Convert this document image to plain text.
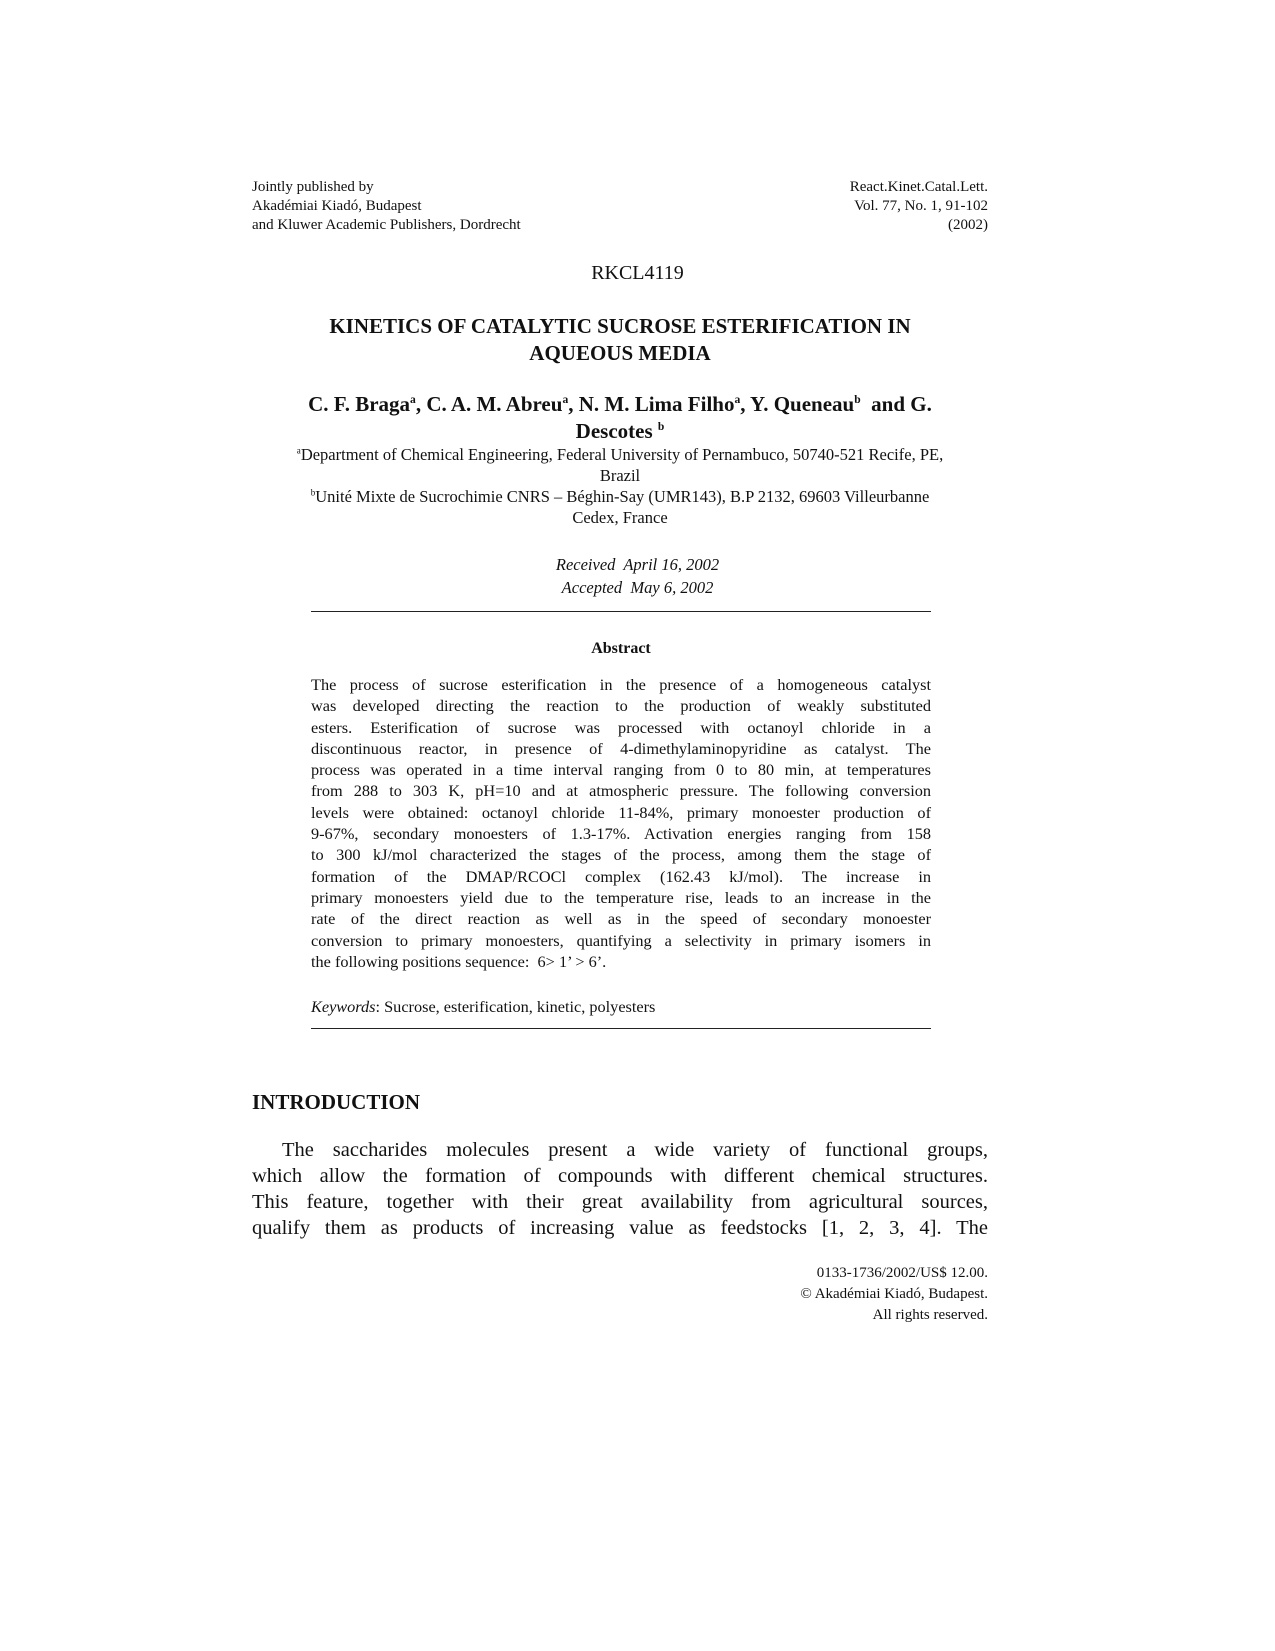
Jointly published by
Akadémiai Kiadó, Budapest
and Kluwer Academic Publishers, Dordrecht
React.Kinet.Catal.Lett.
Vol. 77, No. 1, 91-102
(2002)
RKCL4119
KINETICS OF CATALYTIC SUCROSE ESTERIFICATION IN
AQUEOUS MEDIA
C. F. Braga$^a$, C. A. M. Abreu$^a$, N. M. Lima Filho$^a$, Y. Queneau$^b$  and G.
Descotes $^b$
$^a$Department of Chemical Engineering, Federal University of Pernambuco, 50740-521 Recife, PE,
Brazil
$^b$Unité Mixte de Sucrochimie CNRS – Béghin-Say (UMR143), B.P 2132, 69603 Villeurbanne
Cedex, France
Received  April 16, 2002
Accepted  May 6, 2002
Abstract
The process of sucrose esterification in the presence of a homogeneous catalyst
was developed directing the reaction to the production of weakly substituted
esters. Esterification of sucrose was processed with octanoyl chloride in a
discontinuous reactor, in presence of 4-dimethylaminopyridine as catalyst. The
process was operated in a time interval ranging from 0 to 80 min, at temperatures
from 288 to 303 K, pH=10 and at atmospheric pressure. The following conversion
levels were obtained: octanoyl chloride 11-84%, primary monoester production of
9-67%, secondary monoesters of 1.3-17%. Activation energies ranging from 158
to 300 kJ/mol characterized the stages of the process, among them the stage of
formation of the DMAP/RCOCl complex (162.43 kJ/mol). The increase in
primary monoesters yield due to the temperature rise, leads to an increase in the
rate of the direct reaction as well as in the speed of secondary monoester
conversion to primary monoesters, quantifying a selectivity in primary isomers in
the following positions sequence:  6> 1’ > 6’.
Keywords: Sucrose, esterification, kinetic, polyesters
INTRODUCTION
The saccharides molecules present a wide variety of functional groups,
which allow the formation of compounds with different chemical structures.
This feature, together with their great availability from agricultural sources,
qualify them as products of increasing value as feedstocks [1, 2, 3, 4]. The
0133-1736/2002/US$ 12.00.
© Akadémiai Kiadó, Budapest.
All rights reserved.
